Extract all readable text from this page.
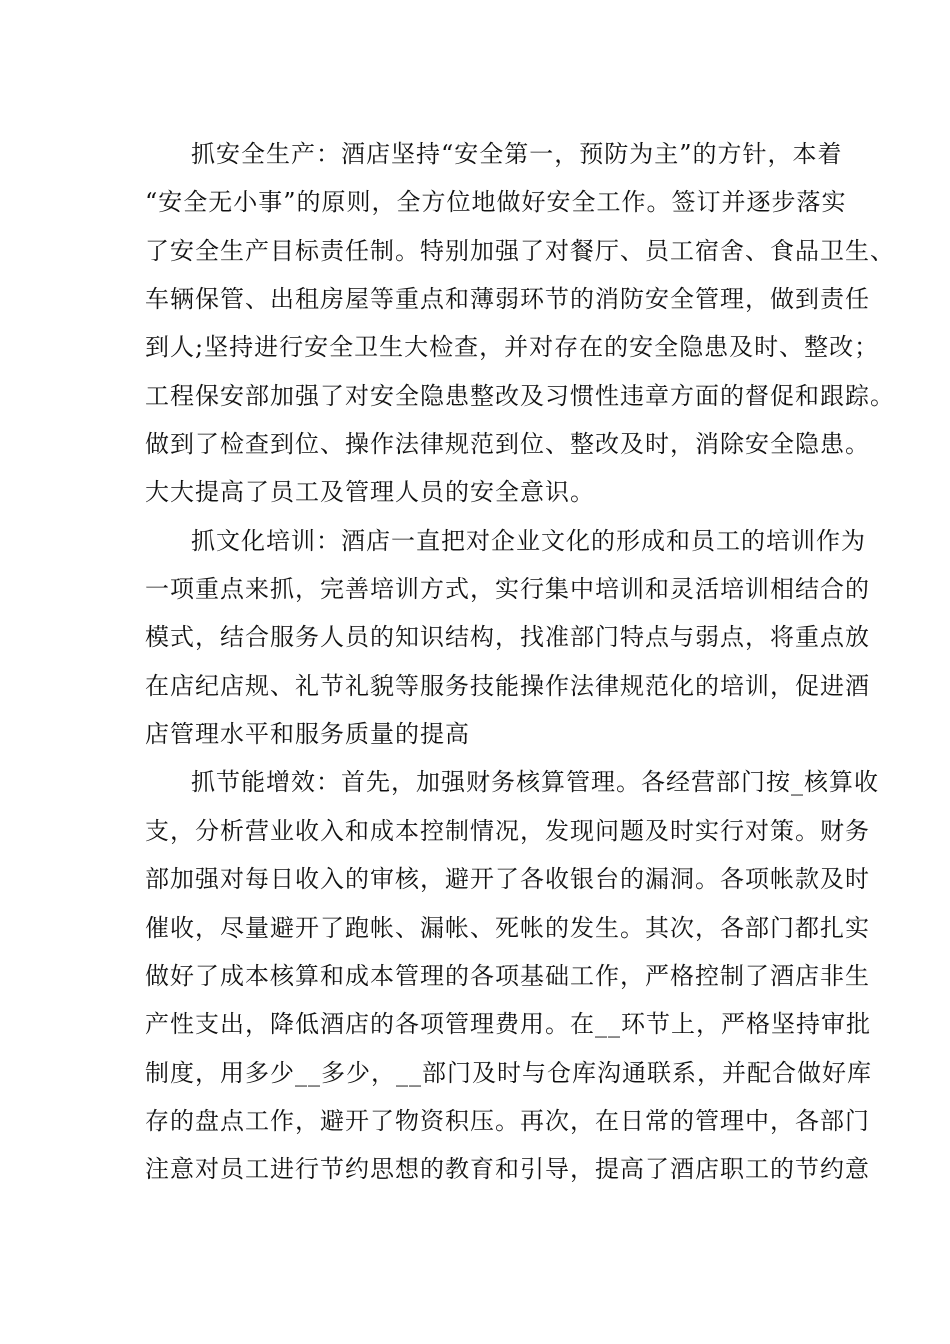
抓安全生产：酒店坚持“安全第一，预防为主”的方针，本着
“安全无小事”的原则，全方位地做好安全工作。签订并逐步落实
了安全生产目标责任制。特别加强了对餐厅、员工宿舍、食品卫生、
车辆保管、出租房屋等重点和薄弱环节的消防安全管理，做到责任
到人;坚持进行安全卫生大检查，并对存在的安全隐患及时、整改；
工程保安部加强了对安全隐患整改及习惯性违章方面的督促和跟踪。
做到了检查到位、操作法律规范到位、整改及时，消除安全隐患。
大大提高了员工及管理人员的安全意识。
抓文化培训：酒店一直把对企业文化的形成和员工的培训作为
一项重点来抓，完善培训方式，实行集中培训和灵活培训相结合的
模式，结合服务人员的知识结构，找准部门特点与弱点，将重点放
在店纪店规、礼节礼貌等服务技能操作法律规范化的培训，促进酒
店管理水平和服务质量的提高
抓节能增效：首先，加强财务核算管理。各经营部门按_核算收
支，分析营业收入和成本控制情况，发现问题及时实行对策。财务
部加强对每日收入的审核，避开了各收银台的漏洞。各项帐款及时
催收，尽量避开了跑帐、漏帐、死帐的发生。其次，各部门都扎实
做好了成本核算和成本管理的各项基础工作，严格控制了酒店非生
产性支出，降低酒店的各项管理费用。在__环节上，严格坚持审批
制度，用多少__多少，__部门及时与仓库沟通联系，并配合做好库
存的盘点工作，避开了物资积压。再次，在日常的管理中，各部门
注意对员工进行节约思想的教育和引导，提高了酒店职工的节约意
